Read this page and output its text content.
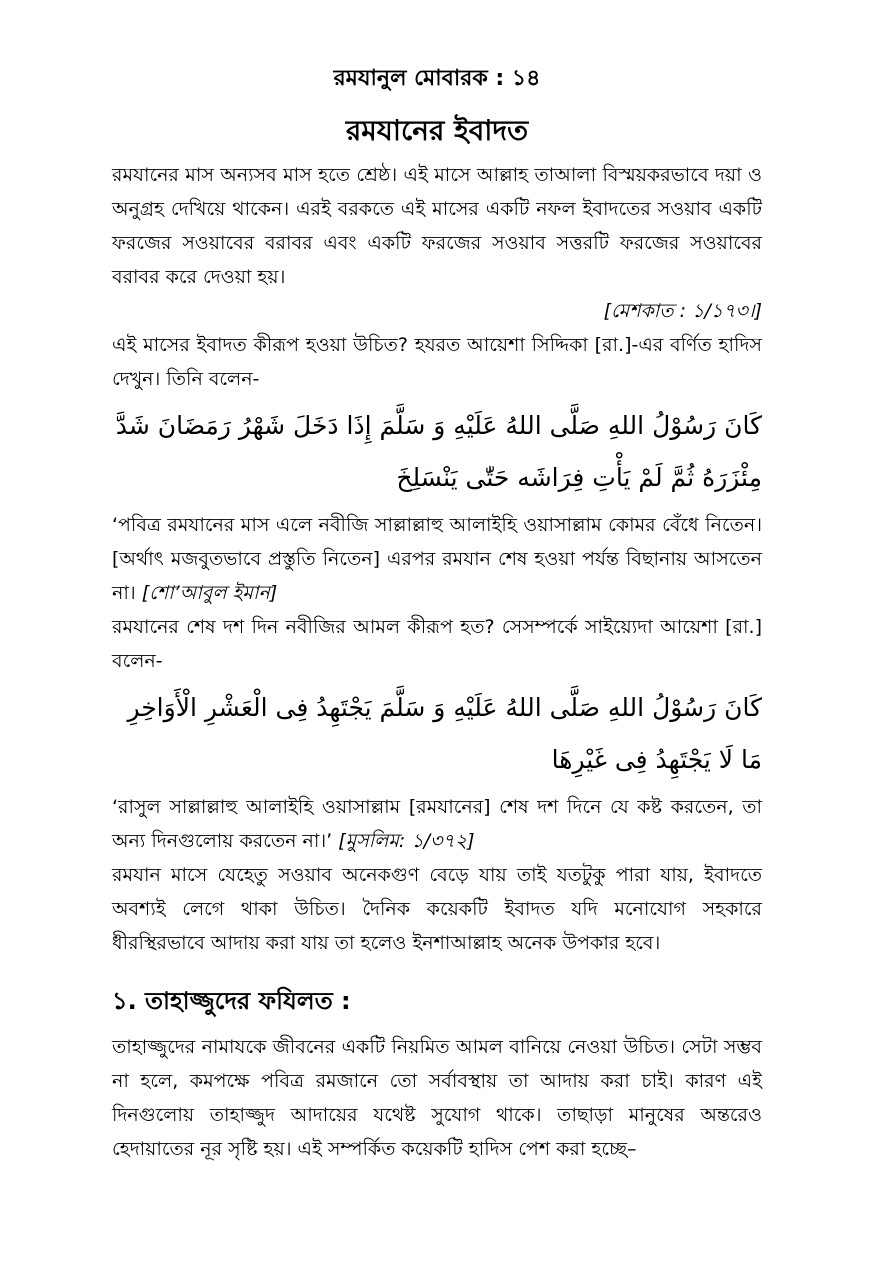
রমযানুল মোবারক : ১৪
রমযানের ইবাদত

রমযানের মাস অন্যসব মাস হতে শ্রেষ্ঠ। এই মাসে আল্লাহ তাআলা বিস্ময়করভাবে দয়া ও অনুগ্রহ দেখিয়ে থাকেন। এরই বরকতে এই মাসের একটি নফল ইবাদতের সওয়াব একটি ফরজের সওয়াবের বরাবর এবং একটি ফরজের সওয়াব সত্তরটি ফরজের সওয়াবের বরাবর করে দেওয়া হয়।

[মেশকাত : ১/১৭৩।]

এই মাসের ইবাদত কীরূপ হওয়া উচিত? হযরত আয়েশা সিদ্দিকা [রা.]-এর বর্ণিত হাদিস দেখুন। তিনি বলেন-

كَانَ رَسُوْلُ اللهِ صَلَّى اللهُ عَلَيْهِ وَ سَلَّمَ إِذَا دَخَلَ شَهْرُ رَمَضَانَ شَدَّ مِئْزَرَهُ ثُمَّ لَمْ يَأْتِ فِرَاشَه حَتّٰى يَنْسَلِخَ

‘পবিত্র রমযানের মাস এলে নবীজি সাল্লাল্লাহু আলাইহি ওয়াসাল্লাম কোমর বেঁধে নিতেন। [অর্থাৎ মজবুতভাবে প্রস্তুতি নিতেন] এরপর রমযান শেষ হওয়া পর্যন্ত বিছানায় আসতেন না। [শো’আবুল ইমান]

রমযানের শেষ দশ দিন নবীজির আমল কীরূপ হত? সেসম্পর্কে সাইয়্যেদা আয়েশা [রা.] বলেন-

كَانَ رَسُوْلُ اللهِ صَلَّى اللهُ عَلَيْهِ وَ سَلَّمَ يَجْتَهِدُ فِى الْعَشْرِ الْأَوَاخِرِ مَا لَا يَجْتَهِدُ فِى غَيْرِهَا

‘রাসুল সাল্লাল্লাহু আলাইহি ওয়াসাল্লাম [রমযানের] শেষ দশ দিনে যে কষ্ট করতেন, তা অন্য দিনগুলোয় করতেন না।’ [মুসলিম: ১/৩৭২]

রমযান মাসে যেহেতু সওয়াব অনেকগুণ বেড়ে যায় তাই যতটুকু পারা যায়, ইবাদতে অবশ্যই লেগে থাকা উচিত। দৈনিক কয়েকটি ইবাদত যদি মনোযোগ সহকারে ধীরস্থিরভাবে আদায় করা যায় তা হলেও ইনশাআল্লাহ অনেক উপকার হবে।

১. তাহাজ্জুদের ফযিলত :

তাহাজ্জুদের নামাযকে জীবনের একটি নিয়মিত আমল বানিয়ে নেওয়া উচিত। সেটা সম্ভব না হলে, কমপক্ষে পবিত্র রমজানে তো সর্বাবস্থায় তা আদায় করা চাই। কারণ এই দিনগুলোয় তাহাজ্জুদ আদায়ের যথেষ্ট সুযোগ থাকে। তাছাড়া মানুষের অন্তরেও হেদায়াতের নূর সৃষ্টি হয়। এই সম্পর্কিত কয়েকটি হাদিস পেশ করা হচ্ছে–
